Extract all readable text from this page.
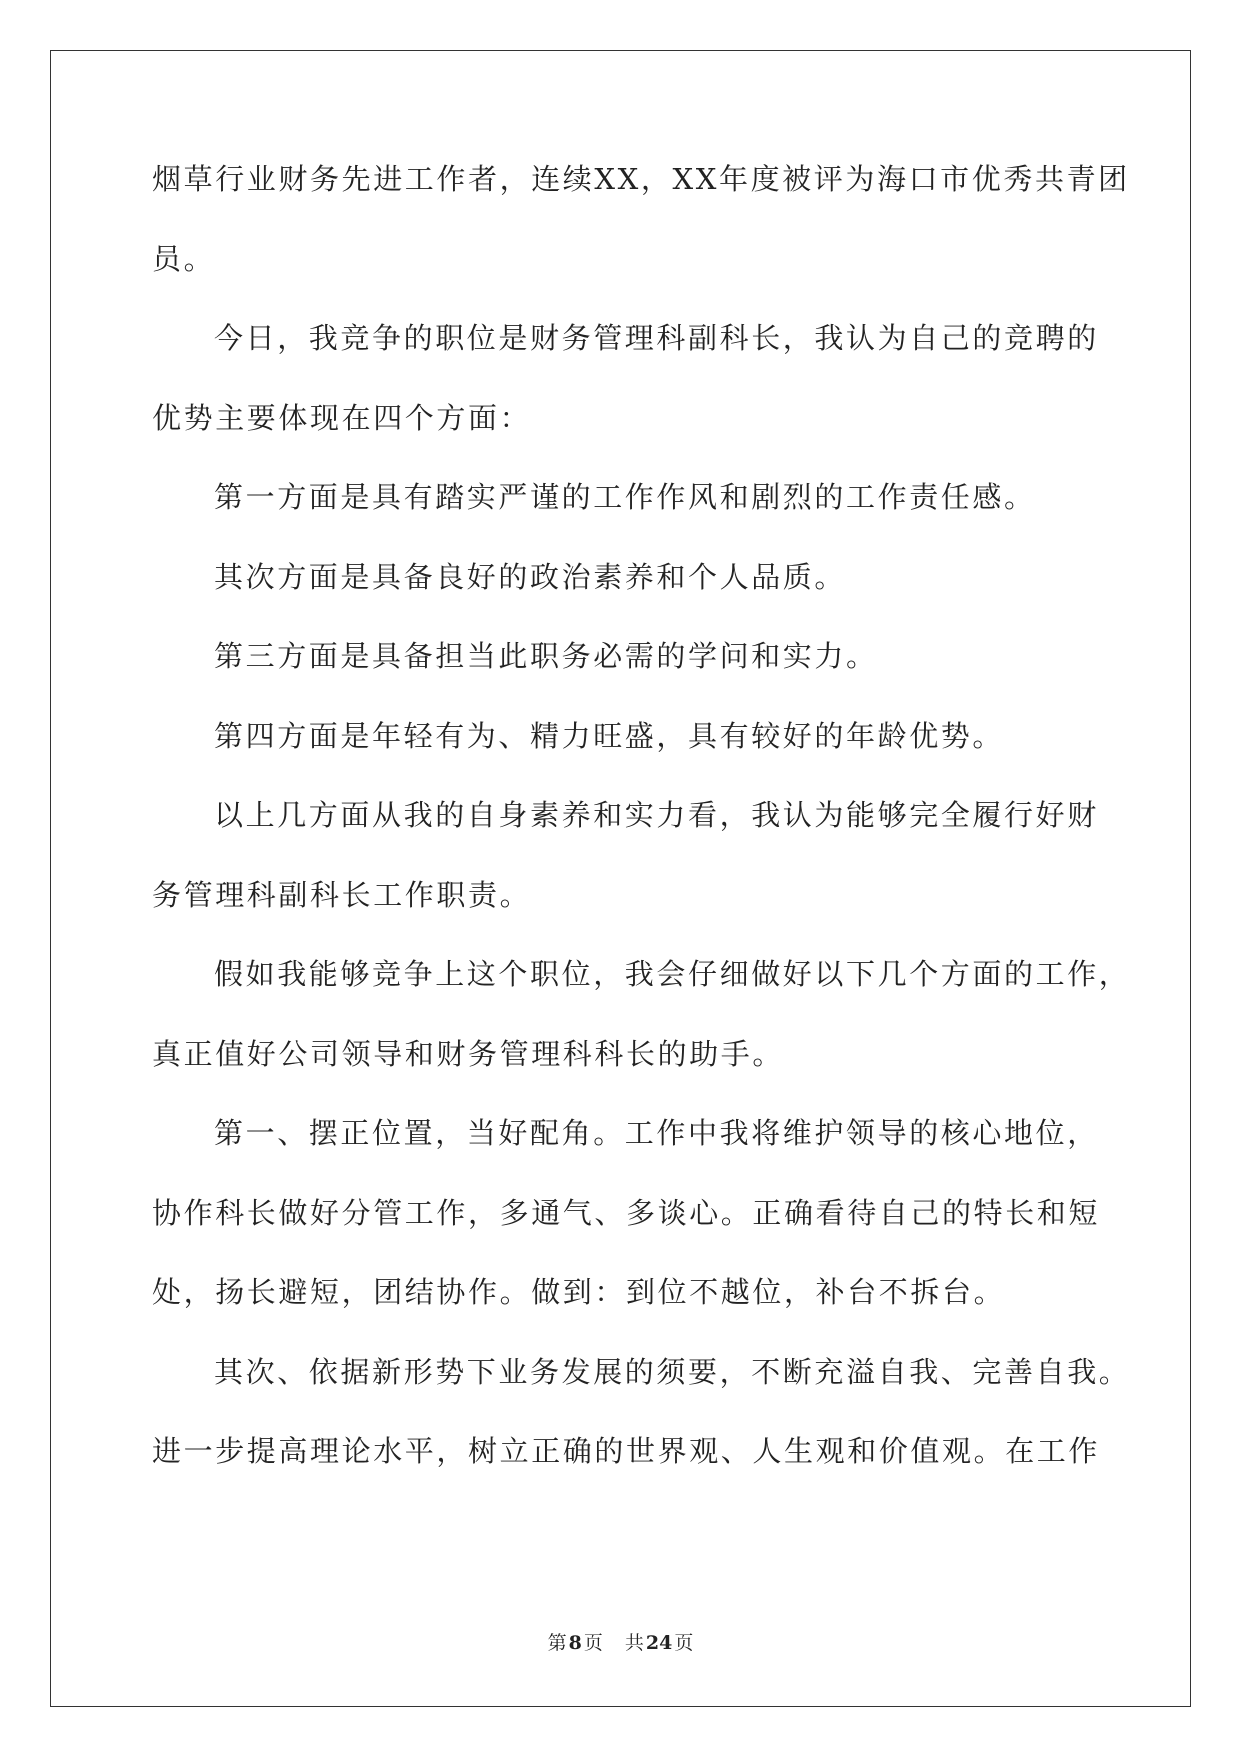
烟草行业财务先进工作者，连续XX，XX年度被评为海口市优秀共青团
员。
今日，我竞争的职位是财务管理科副科长，我认为自己的竞聘的
优势主要体现在四个方面：
第一方面是具有踏实严谨的工作作风和剧烈的工作责任感。
其次方面是具备良好的政治素养和个人品质。
第三方面是具备担当此职务必需的学问和实力。
第四方面是年轻有为、精力旺盛，具有较好的年龄优势。
以上几方面从我的自身素养和实力看，我认为能够完全履行好财
务管理科副科长工作职责。
假如我能够竞争上这个职位，我会仔细做好以下几个方面的工作，
真正值好公司领导和财务管理科科长的助手。
第一、摆正位置，当好配角。工作中我将维护领导的核心地位，
协作科长做好分管工作，多通气、多谈心。正确看待自己的特长和短
处，扬长避短，团结协作。做到：到位不越位，补台不拆台。
其次、依据新形势下业务发展的须要，不断充溢自我、完善自我。
进一步提高理论水平，树立正确的世界观、人生观和价值观。在工作
第 8 页 共 24 页
